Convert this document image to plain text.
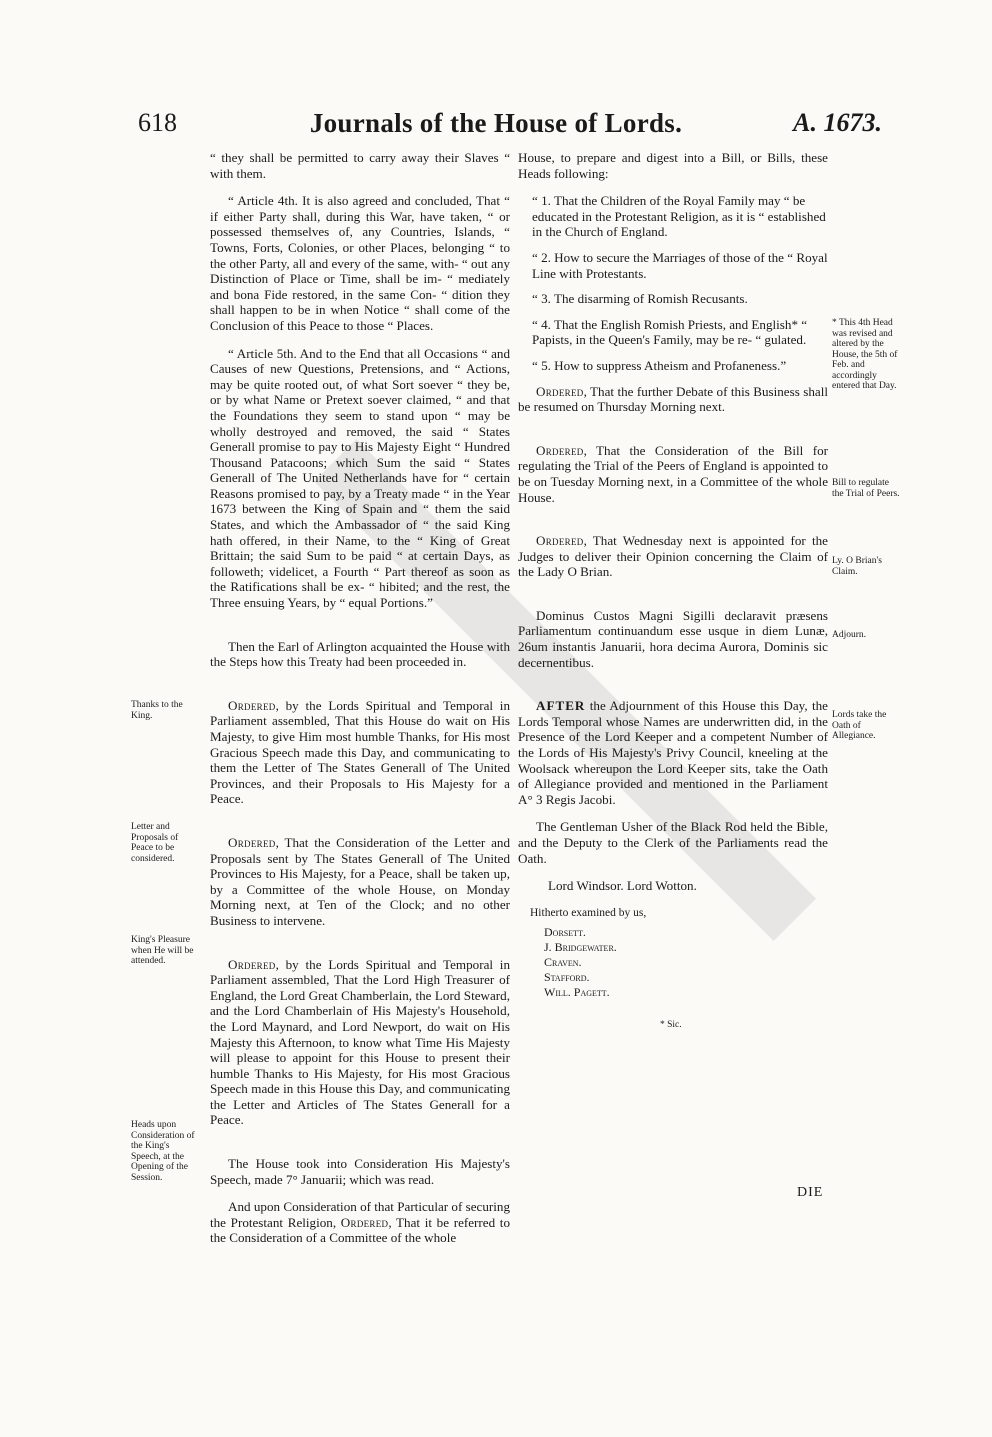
618	Journals of the House of Lords.	A. 1673.

“ they shall be permitted to carry away their Slaves “ with them.

“ Article 4th. It is also agreed and concluded, That “ if either Party shall, during this War, have taken, “ or possessed themselves of, any Countries, Islands, “ Towns, Forts, Colonies, or other Places, belonging “ to the other Party, all and every of the same, with- “ out any Distinction of Place or Time, shall be im- “ mediately and bona Fide restored, in the same Con- “ dition they shall happen to be in when Notice “ shall come of the Conclusion of this Peace to those “ Places.

“ Article 5th. And to the End that all Occasions “ and Causes of new Questions, Pretensions, and “ Actions, may be quite rooted out, of what Sort soever “ they be, or by what Name or Pretext soever claimed, “ and that the Foundations they seem to stand upon “ may be wholly destroyed and removed, the said “ States Generall promise to pay to His Majesty Eight “ Hundred Thousand Patacoons; which Sum the said “ States Generall of The United Netherlands have for “ certain Reasons promised to pay, by a Treaty made “ in the Year 1673 between the King of Spain and “ them the said States, and which the Ambassador of “ the said King hath offered, in their Name, to the “ King of Great Brittain; the said Sum to be paid “ at certain Days, as followeth; videlicet, a Fourth “ Part thereof as soon as the Ratifications shall be ex- “ hibited; and the rest, the Three ensuing Years, by “ equal Portions.”

Then the Earl of Arlington acquainted the House with the Steps how this Treaty had been proceeded in.

Ordered, by the Lords Spiritual and Temporal in Parliament assembled, That this House do wait on His Majesty, to give Him most humble Thanks, for His most Gracious Speech made this Day, and communicating to them the Letter of The States Generall of The United Provinces, and their Proposals to His Majesty for a Peace.

Ordered, That the Consideration of the Letter and Proposals sent by The States Generall of The United Provinces to His Majesty, for a Peace, shall be taken up, by a Committee of the whole House, on Monday Morning next, at Ten of the Clock; and no other Business to intervene.

Ordered, by the Lords Spiritual and Temporal in Parliament assembled, That the Lord High Treasurer of England, the Lord Great Chamberlain, the Lord Steward, and the Lord Chamberlain of His Majesty's Household, the Lord Maynard, and Lord Newport, do wait on His Majesty this Afternoon, to know what Time His Majesty will please to appoint for this House to present their humble Thanks to His Majesty, for His most Gracious Speech made in this House this Day, and communicating the Letter and Articles of The States Generall for a Peace.

The House took into Consideration His Majesty's Speech, made 7° Januarii; which was read.

And upon Consideration of that Particular of securing the Protestant Religion, Ordered, That it be referred to the Consideration of a Committee of the whole

House, to prepare and digest into a Bill, or Bills, these Heads following:

“ 1. That the Children of the Royal Family may “ be educated in the Protestant Religion, as it is “ established in the Church of England.

“ 2. How to secure the Marriages of those of the “ Royal Line with Protestants.

“ 3. The disarming of Romish Recusants.

“ 4. That the English Romish Priests, and English* “ Papists, in the Queen's Family, may be re- “ gulated.

“ 5. How to suppress Atheism and Profaneness.”

Ordered, That the further Debate of this Business shall be resumed on Thursday Morning next.

Ordered, That the Consideration of the Bill for regulating the Trial of the Peers of England is appointed to be on Tuesday Morning next, in a Committee of the whole House.

Ordered, That Wednesday next is appointed for the Judges to deliver their Opinion concerning the Claim of the Lady O Brian.

Dominus Custos Magni Sigilli declaravit præsens Parliamentum continuandum esse usque in diem Lunæ, 26um instantis Januarii, hora decima Aurora, Dominis sic decernentibus.

AFTER the Adjournment of this House this Day, the Lords Temporal whose Names are underwritten did, in the Presence of the Lord Keeper and a competent Number of the Lords of His Majesty's Privy Council, kneeling at the Woolsack whereupon the Lord Keeper sits, take the Oath of Allegiance provided and mentioned in the Parliament A° 3 Regis Jacobi.

The Gentleman Usher of the Black Rod held the Bible, and the Deputy to the Clerk of the Parliaments read the Oath.

Lord Windsor. Lord Wotton.

Hitherto examined by us,

Dorsett.
J. Bridgewater.
Craven.
Stafford.
Will. Pagett.
* Sic.
DIE
Thanks to the King.
Letter and Proposals of Peace to be considered.
King's Pleasure when He will be attended.
Heads upon Consideration of the King's Speech, at the Opening of the Session.
* This 4th Head was revised and altered by the House, the 5th of Feb. and accordingly entered that Day.
Bill to regulate the Trial of Peers.
Ly. O Brian's Claim.
Adjourn.
Lords take the Oath of Allegiance.
